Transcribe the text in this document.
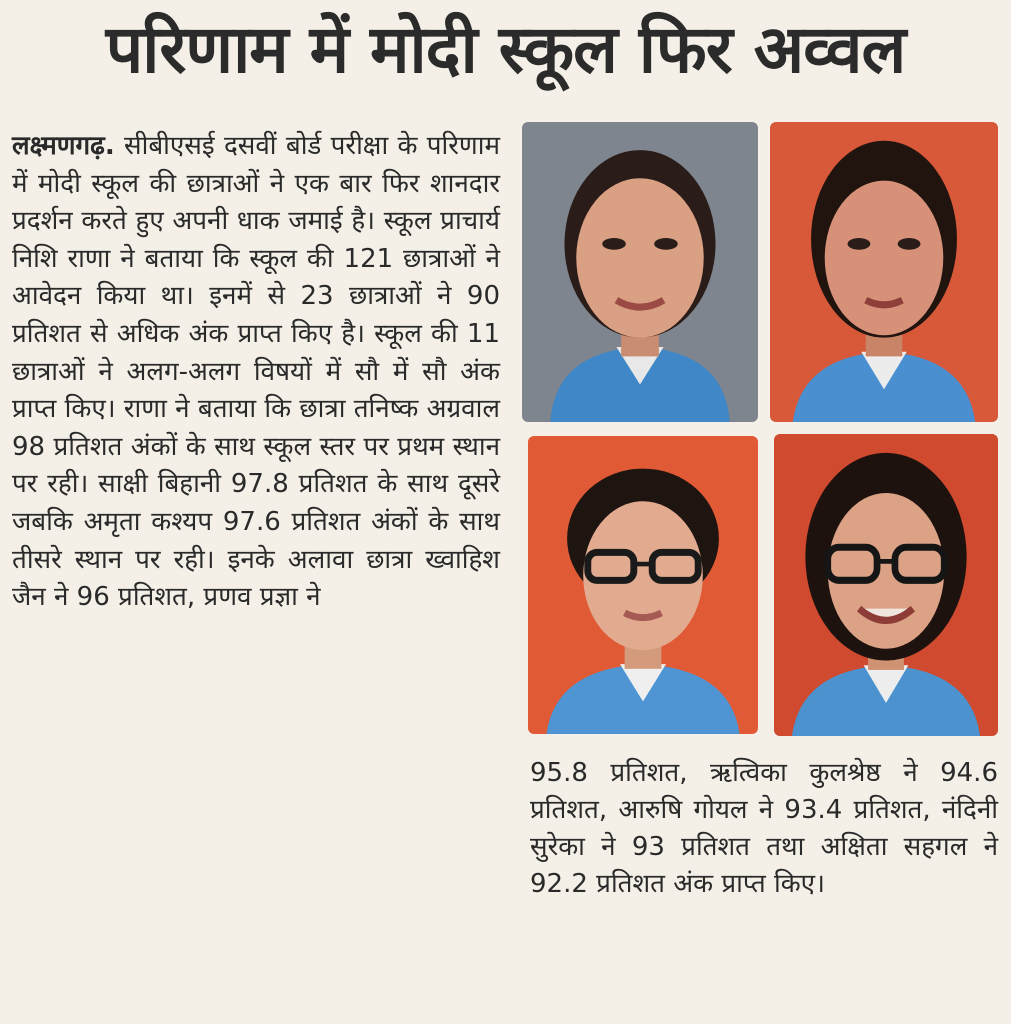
परिणाम में मोदी स्कूल फिर अव्वल
लक्ष्मणगढ़. सीबीएसई दसवीं बोर्ड परीक्षा के परिणाम में मोदी स्कूल की छात्राओं ने एक बार फिर शानदार प्रदर्शन करते हुए अपनी धाक जमाई है। स्कूल प्राचार्य निशि राणा ने बताया कि स्कूल की 121 छात्राओं ने आवेदन किया था। इनमें से 23 छात्राओं ने 90 प्रतिशत से अधिक अंक प्राप्त किए है। स्कूल की 11 छात्राओं ने अलग-अलग विषयों में सौ में सौ अंक प्राप्त किए। राणा ने बताया कि छात्रा तनिष्क अग्रवाल 98 प्रतिशत अंकों के साथ स्कूल स्तर पर प्रथम स्थान पर रही। साक्षी बिहानी 97.8 प्रतिशत के साथ दूसरे जबकि अमृता कश्यप 97.6 प्रतिशत अंकों के साथ तीसरे स्थान पर रही। इनके अलावा छात्रा ख्वाहिश जैन ने 96 प्रतिशत, प्रणव प्रज्ञा ने
95.8 प्रतिशत, ऋत्विका कुलश्रेष्ठ ने 94.6 प्रतिशत, आरुषि गोयल ने 93.4 प्रतिशत, नंदिनी सुरेका ने 93 प्रतिशत तथा अक्षिता सहगल ने 92.2 प्रतिशत अंक प्राप्त किए।
